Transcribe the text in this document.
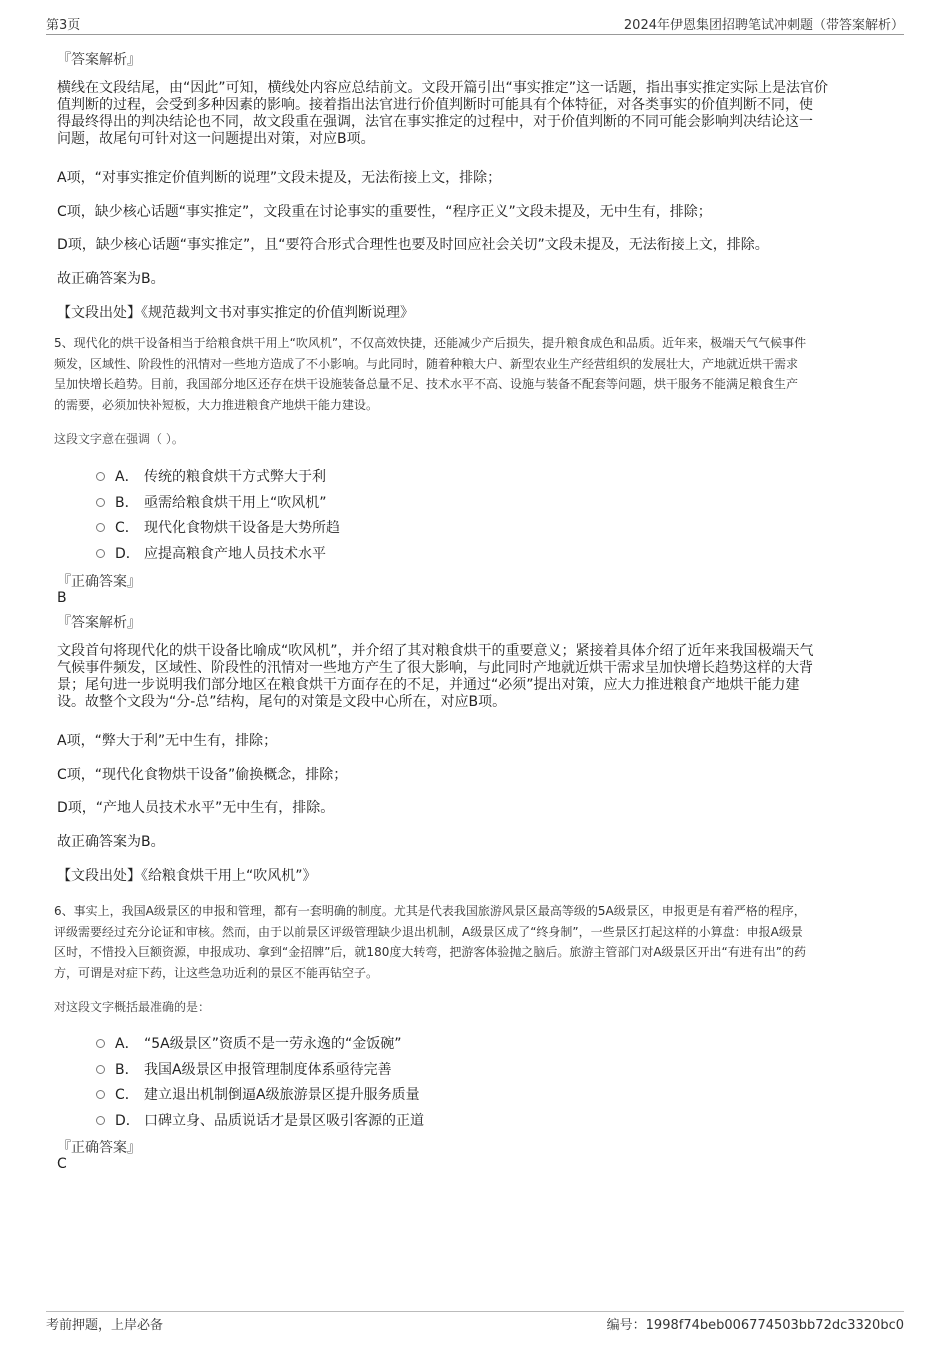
第3页	2024年伊恩集团招聘笔试冲刺题（带答案解析）
『答案解析』
横线在文段结尾，由“因此”可知，横线处内容应总结前文。文段开篇引出“事实推定”这一话题，指出事实推定实际上是法官价
值判断的过程，会受到多种因素的影响。接着指出法官进行价值判断时可能具有个体特征，对各类事实的价值判断不同，使
得最终得出的判决结论也不同，故文段重在强调，法官在事实推定的过程中，对于价值判断的不同可能会影响判决结论这一
问题，故尾句可针对这一问题提出对策，对应B项。
A项，“对事实推定价值判断的说理”文段未提及，无法衔接上文，排除；
C项，缺少核心话题“事实推定”，文段重在讨论事实的重要性，“程序正义”文段未提及，无中生有，排除；
D项，缺少核心话题“事实推定”，且“要符合形式合理性也要及时回应社会关切”文段未提及，无法衔接上文，排除。
故正确答案为B。
【文段出处】《规范裁判文书对事实推定的价值判断说理》
5、现代化的烘干设备相当于给粮食烘干用上“吹风机”，不仅高效快捷，还能减少产后损失，提升粮食成色和品质。近年来，极端天气气候事件
频发，区域性、阶段性的汛情对一些地方造成了不小影响。与此同时，随着种粮大户、新型农业生产经营组织的发展壮大，产地就近烘干需求
呈加快增长趋势。目前，我国部分地区还存在烘干设施装备总量不足、技术水平不高、设施与装备不配套等问题，烘干服务不能满足粮食生产
的需要，必须加快补短板，大力推进粮食产地烘干能力建设。
这段文字意在强调（ ）。
A． 传统的粮食烘干方式弊大于利
B． 亟需给粮食烘干用上“吹风机”
C． 现代化食物烘干设备是大势所趋
D． 应提高粮食产地人员技术水平
『正确答案』
B
『答案解析』
文段首句将现代化的烘干设备比喻成“吹风机”，并介绍了其对粮食烘干的重要意义；紧接着具体介绍了近年来我国极端天气
气候事件频发，区域性、阶段性的汛情对一些地方产生了很大影响，与此同时产地就近烘干需求呈加快增长趋势这样的大背
景；尾句进一步说明我们部分地区在粮食烘干方面存在的不足，并通过“必须”提出对策，应大力推进粮食产地烘干能力建
设。故整个文段为“分-总”结构，尾句的对策是文段中心所在，对应B项。
A项，“弊大于利”无中生有，排除；
C项，“现代化食物烘干设备”偷换概念，排除；
D项，“产地人员技术水平”无中生有，排除。
故正确答案为B。
【文段出处】《给粮食烘干用上“吹风机”》
6、事实上，我国A级景区的申报和管理，都有一套明确的制度。尤其是代表我国旅游风景区最高等级的5A级景区，申报更是有着严格的程序，
评级需要经过充分论证和审核。然而，由于以前景区评级管理缺少退出机制，A级景区成了“终身制”，一些景区打起这样的小算盘：申报A级景
区时，不惜投入巨额资源，申报成功、拿到“金招牌”后，就180度大转弯，把游客体验抛之脑后。旅游主管部门对A级景区开出“有进有出”的药
方，可谓是对症下药，让这些急功近利的景区不能再钻空子。
对这段文字概括最准确的是：
A． “5A级景区”资质不是一劳永逸的“金饭碗”
B． 我国A级景区申报管理制度体系亟待完善
C． 建立退出机制倒逼A级旅游景区提升服务质量
D． 口碑立身、品质说话才是景区吸引客源的正道
『正确答案』
C
考前押题，上岸必备	编号：1998f74beb006774503bb72dc3320bc0
